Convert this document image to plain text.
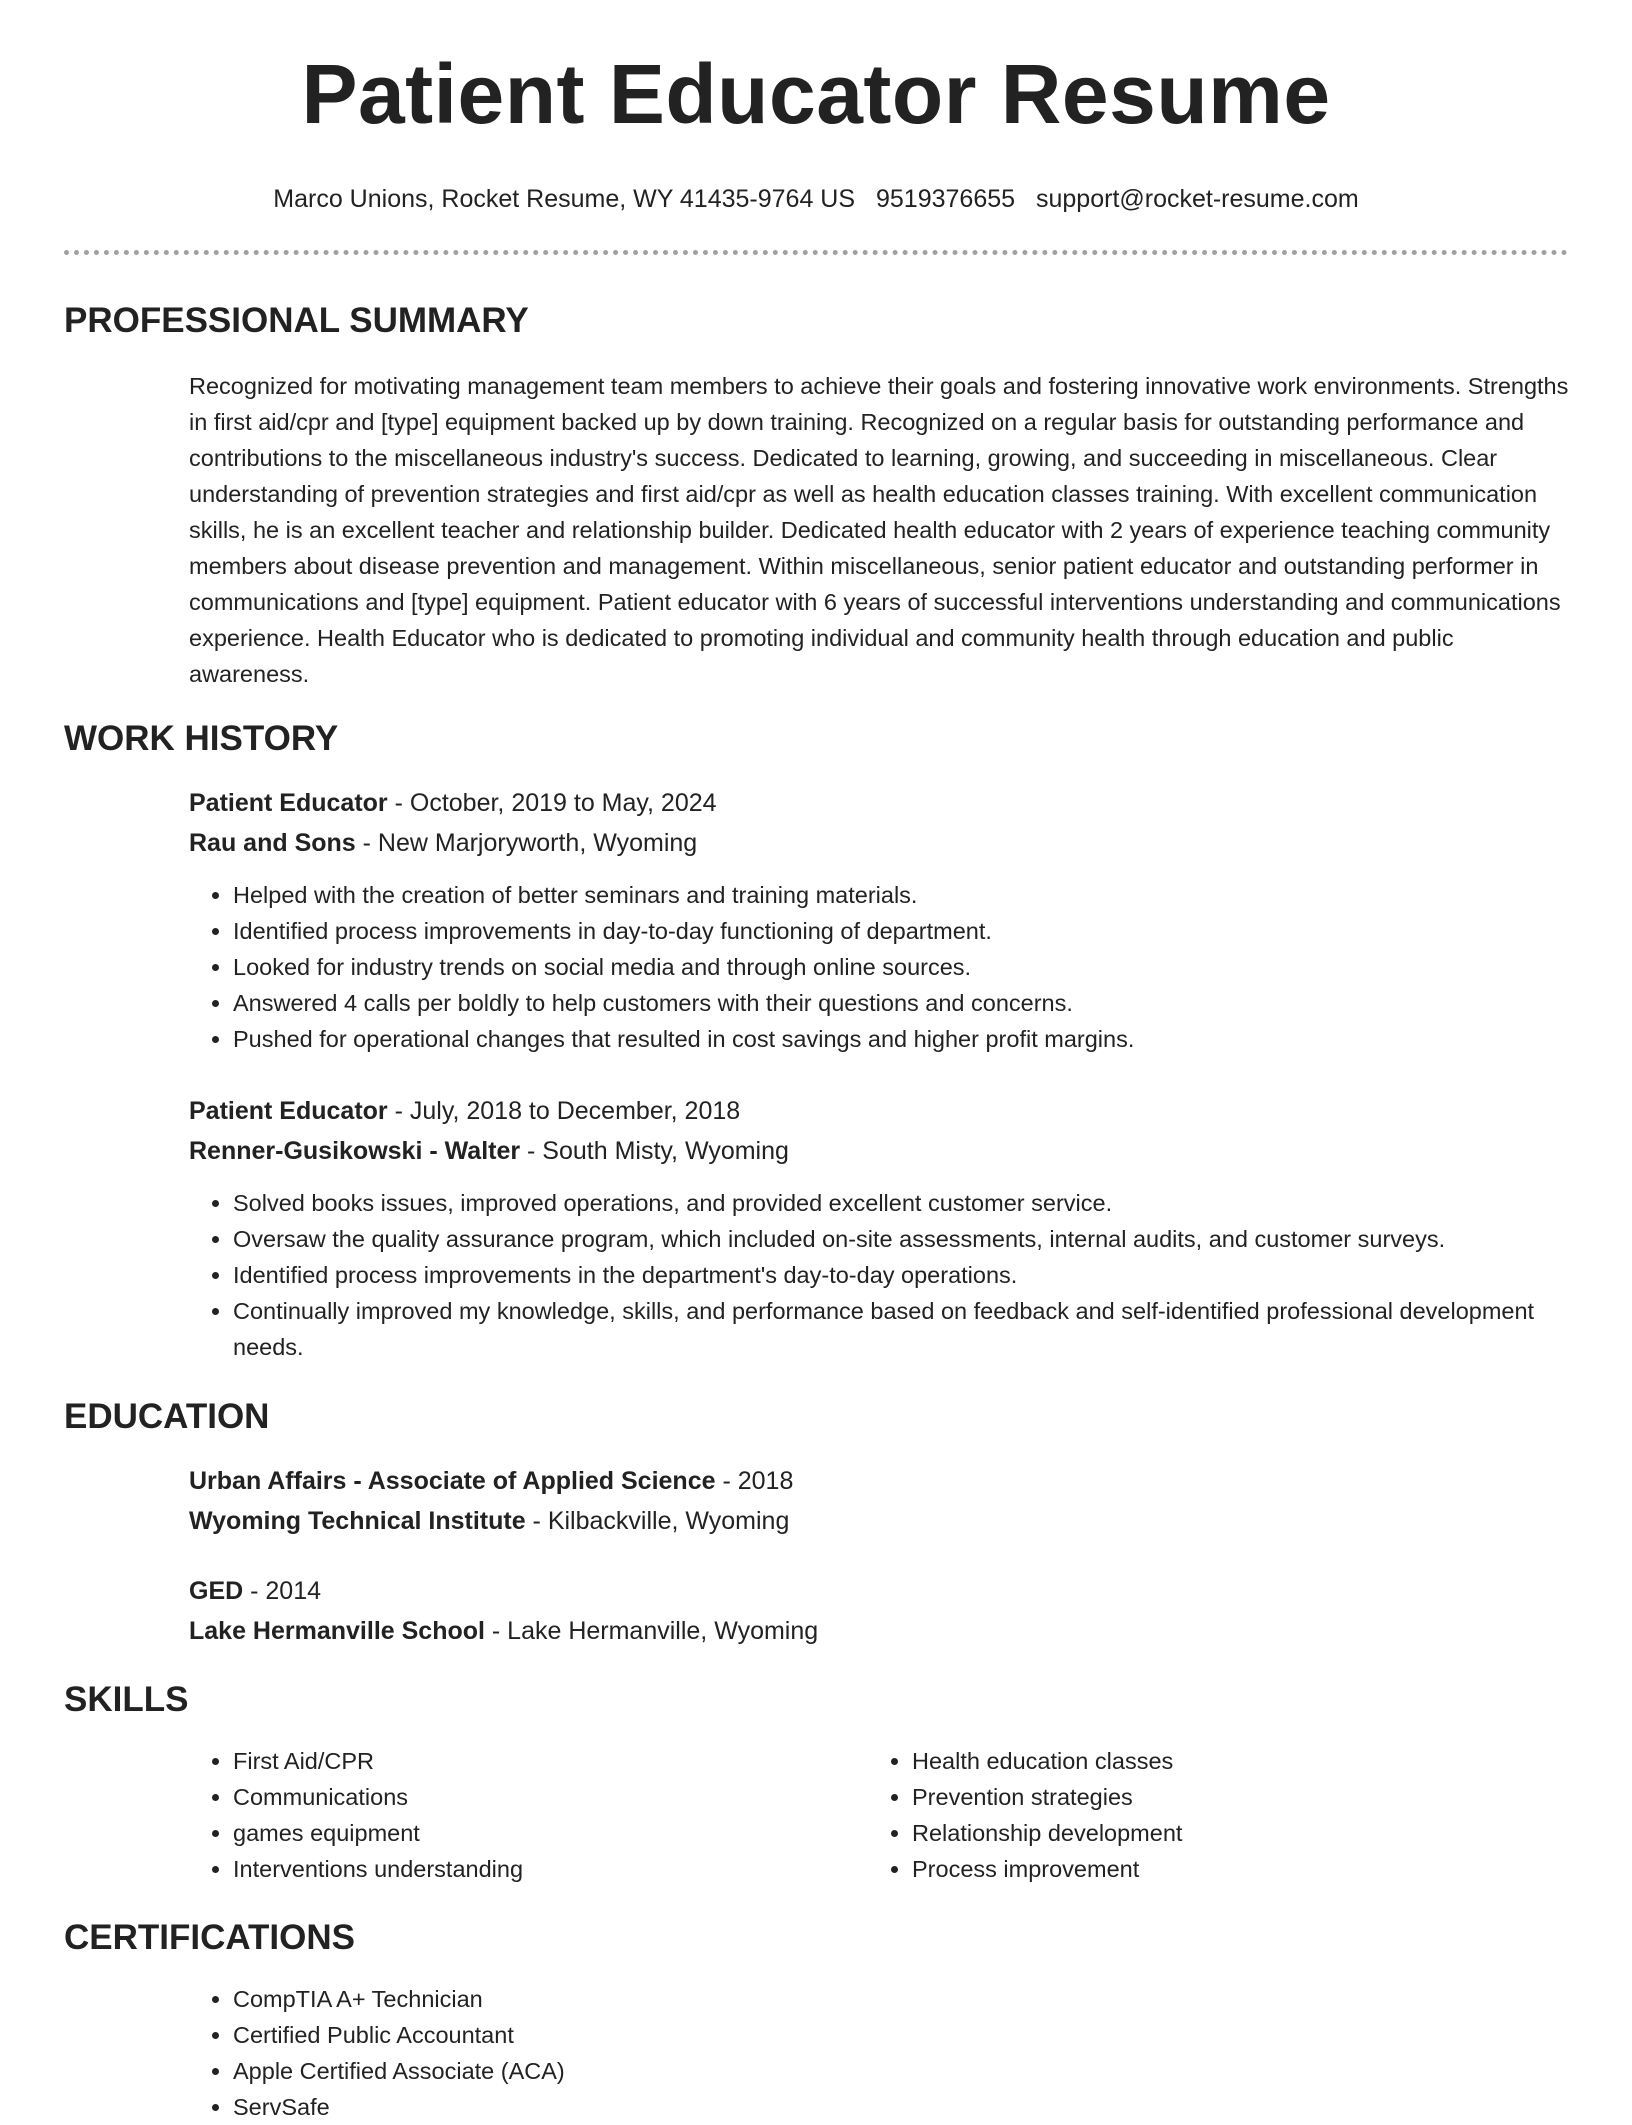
Patient Educator Resume
Marco Unions, Rocket Resume, WY 41435-9764 US 9519376655 support@rocket-resume.com
PROFESSIONAL SUMMARY

Recognized for motivating management team members to achieve their goals and fostering innovative work environments. Strengths in first aid/cpr and [type] equipment backed up by down training. Recognized on a regular basis for outstanding performance and contributions to the miscellaneous industry's success. Dedicated to learning, growing, and succeeding in miscellaneous. Clear understanding of prevention strategies and first aid/cpr as well as health education classes training. With excellent communication skills, he is an excellent teacher and relationship builder. Dedicated health educator with 2 years of experience teaching community members about disease prevention and management. Within miscellaneous, senior patient educator and outstanding performer in communications and [type] equipment. Patient educator with 6 years of successful interventions understanding and communications experience. Health Educator who is dedicated to promoting individual and community health through education and public awareness.

WORK HISTORY

Patient Educator - October, 2019 to May, 2024

Rau and Sons - New Marjoryworth, Wyoming

• Helped with the creation of better seminars and training materials.
• Identified process improvements in day-to-day functioning of department.
• Looked for industry trends on social media and through online sources.
• Answered 4 calls per boldly to help customers with their questions and concerns.
• Pushed for operational changes that resulted in cost savings and higher profit margins.

Patient Educator - July, 2018 to December, 2018

Renner-Gusikowski - Walter - South Misty, Wyoming

• Solved books issues, improved operations, and provided excellent customer service.
• Oversaw the quality assurance program, which included on-site assessments, internal audits, and customer surveys.
• Identified process improvements in the department's day-to-day operations.
• Continually improved my knowledge, skills, and performance based on feedback and self-identified professional development needs.
EDUCATION

Urban Affairs - Associate of Applied Science - 2018

Wyoming Technical Institute - Kilbackville, Wyoming

GED - 2014

Lake Hermanville School - Lake Hermanville, Wyoming

SKILLS
• First Aid/CPR
• Communications
• games equipment
• Interventions understanding
• Health education classes
• Prevention strategies
• Relationship development
• Process improvement
CERTIFICATIONS
• CompTIA A+ Technician
• Certified Public Accountant
• Apple Certified Associate (ACA)
• ServSafe
